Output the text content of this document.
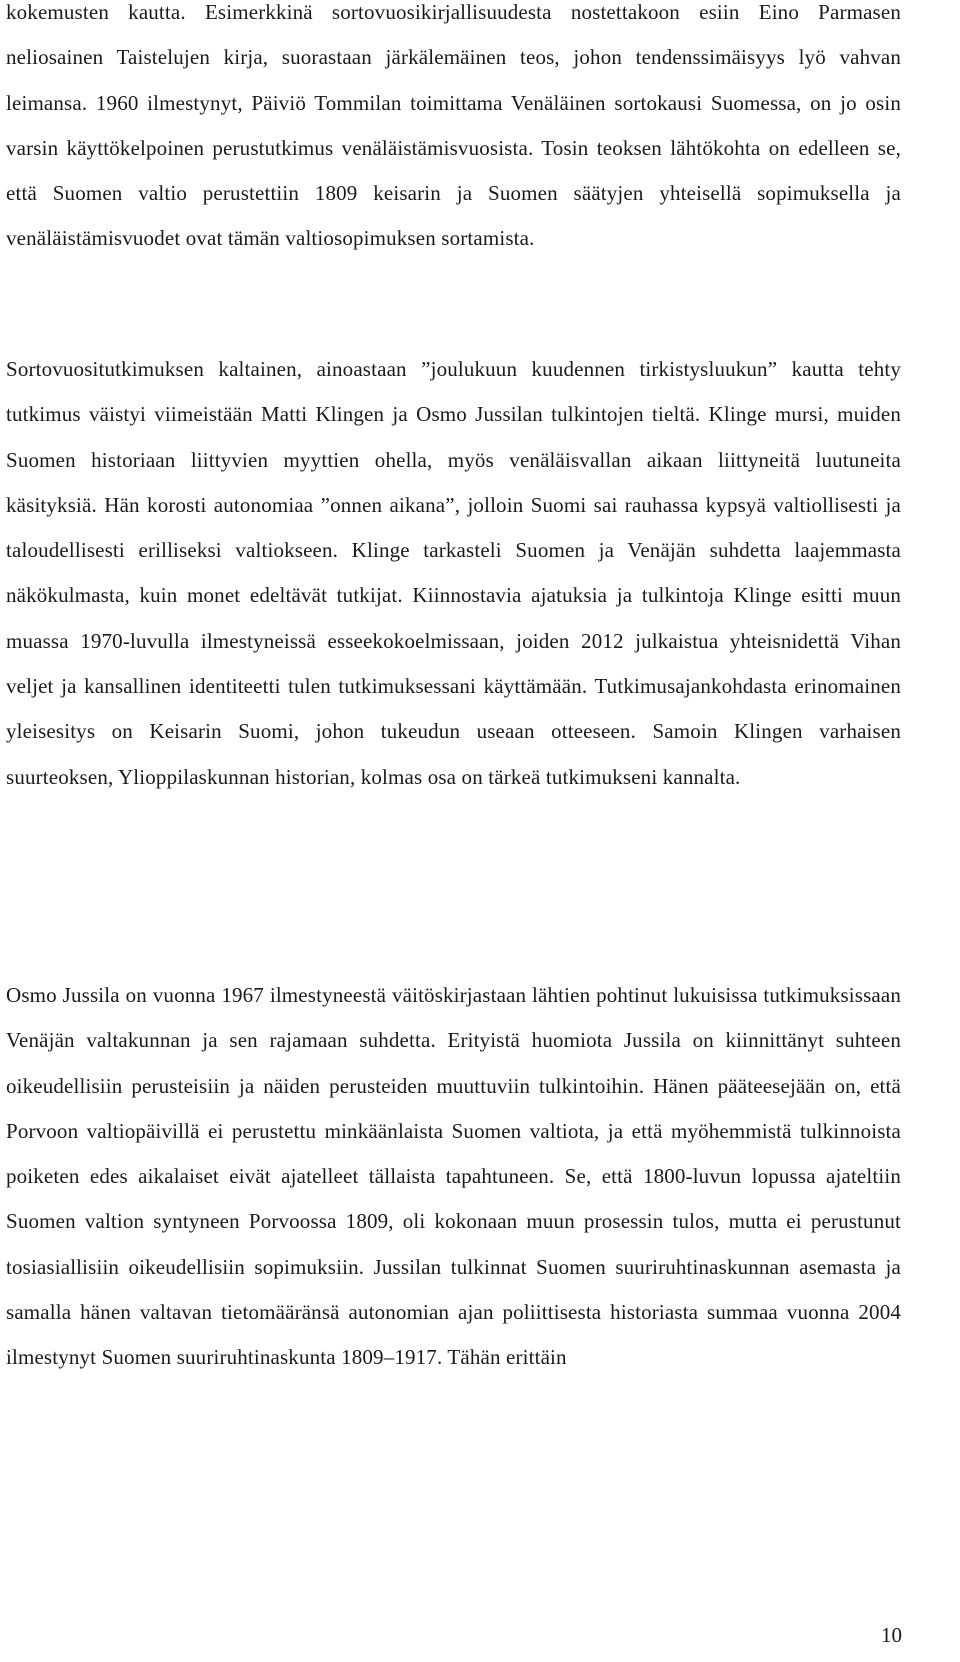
kokemusten kautta. Esimerkkinä sortovuosikirjallisuudesta nostettakoon esiin Eino Parmasen neliosainen Taistelujen kirja, suorastaan järkälemäinen teos, johon tendenssimäisyys lyö vahvan leimansa. 1960 ilmestynyt, Päiviö Tommilan toimittama Venäläinen sortokausi Suomessa, on jo osin varsin käyttökelpoinen perustutkimus venäläistämisvuosista. Tosin teoksen lähtökohta on edelleen se, että Suomen valtio perustettiin 1809 keisarin ja Suomen säätyjen yhteisellä sopimuksella ja venäläistämisvuodet ovat tämän valtiosopimuksen sortamista.

Sortovuositutkimuksen kaltainen, ainoastaan ”joulukuun kuudennen tirkistysluukun” kautta tehty tutkimus väistyi viimeistään Matti Klingen ja Osmo Jussilan tulkintojen tieltä. Klinge mursi, muiden Suomen historiaan liittyvien myyttien ohella, myös venäläisvallan aikaan liittyneitä luutuneita käsityksiä. Hän korosti autonomiaa ”onnen aikana”, jolloin Suomi sai rauhassa kypsyä valtiollisesti ja taloudellisesti erilliseksi valtiokseen. Klinge tarkasteli Suomen ja Venäjän suhdetta laajemmasta näkökulmasta, kuin monet edeltävät tutkijat. Kiinnostavia ajatuksia ja tulkintoja Klinge esitti muun muassa 1970-luvulla ilmestyneissä esseekokoelmissaan, joiden 2012 julkaistua yhteisnidettä Vihan veljet ja kansallinen identiteetti tulen tutkimuksessani käyttämään. Tutkimusajankohdasta erinomainen yleisesitys on Keisarin Suomi, johon tukeudun useaan otteeseen. Samoin Klingen varhaisen suurteoksen, Ylioppilaskunnan historian, kolmas osa on tärkeä tutkimukseni kannalta.

Osmo Jussila on vuonna 1967 ilmestyneestä väitöskirjastaan lähtien pohtinut lukuisissa tutkimuksissaan Venäjän valtakunnan ja sen rajamaan suhdetta. Erityistä huomiota Jussila on kiinnittänyt suhteen oikeudellisiin perusteisiin ja näiden perusteiden muuttuviin tulkintoihin. Hänen pääteesejään on, että Porvoon valtiopäivillä ei perustettu minkäänlaista Suomen valtiota, ja että myöhemmistä tulkinnoista poiketen edes aikalaiset eivät ajatelleet tällaista tapahtuneen. Se, että 1800-luvun lopussa ajateltiin Suomen valtion syntyneen Porvoossa 1809, oli kokonaan muun prosessin tulos, mutta ei perustunut tosiasiallisiin oikeudellisiin sopimuksiin. Jussilan tulkinnat Suomen suuriruhtinaskunnan asemasta ja samalla hänen valtavan tietomääränsä autonomian ajan poliittisesta historiasta summaa vuonna 2004 ilmestynyt Suomen suuriruhtinaskunta 1809–1917. Tähän erittäin

10
